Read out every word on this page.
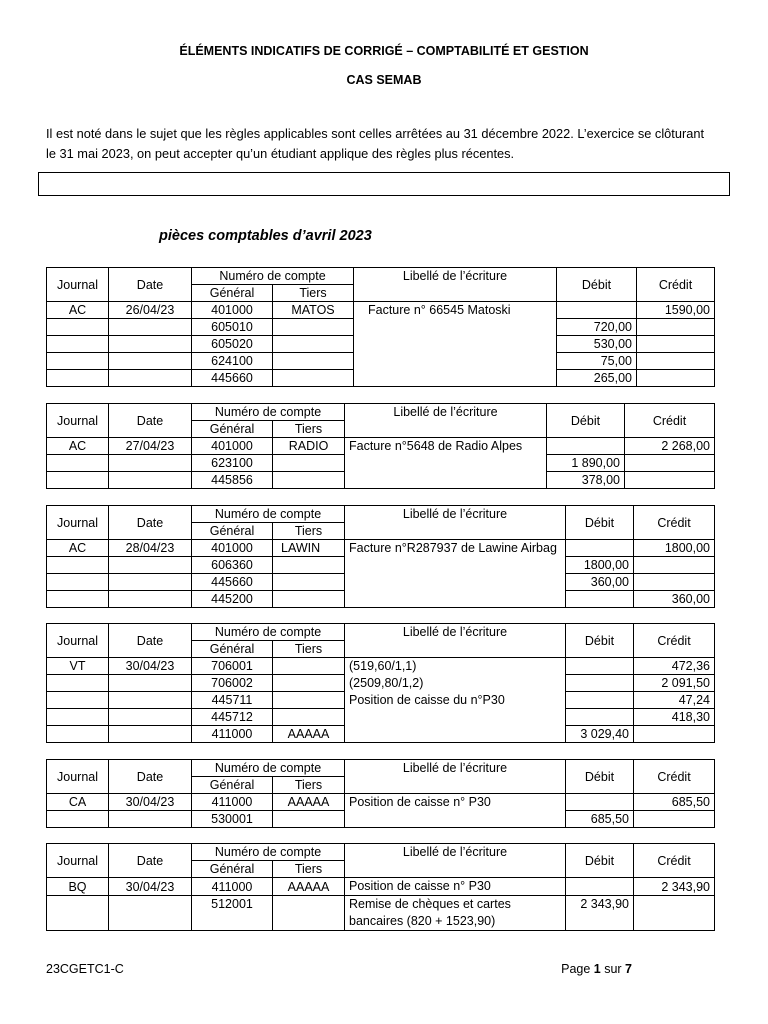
ÉLÉMENTS INDICATIFS DE CORRIGÉ – COMPTABILITÉ ET GESTION
CAS SEMAB
Il est noté dans le sujet que les règles applicables sont celles arrêtées au 31 décembre 2022. L’exercice se clôturant
le 31 mai 2023, on peut accepter qu’un étudiant applique des règles plus récentes.
pièces comptables d’avril 2023
Journal	Date	Numéro de compte		Libellé de l’écriture	Débit	Crédit
		Général	Tiers			
AC	26/04/23	401000	MATOS	Facture n° 66545 Matoski		1590,00
		605010			720,00	
		605020			530,00	
		624100			75,00	
		445660			265,00	
Journal	Date	Numéro de compte		Libellé de l’écriture	Débit	Crédit
		Général	Tiers			
AC	27/04/23	401000	RADIO	Facture n°5648 de Radio Alpes		2 268,00
		623100			1 890,00	
		445856			378,00	
Journal	Date	Numéro de compte		Libellé de l’écriture	Débit	Crédit
		Général	Tiers			
AC	28/04/23	401000	LAWIN	Facture n°R287937 de Lawine Airbag		1800,00
		606360			1800,00	
		445660			360,00	
		445200				360,00
Journal	Date	Numéro de compte		Libellé de l’écriture	Débit	Crédit
		Général	Tiers			
VT	30/04/23	706001		(519,60/1,1)
(2509,80/1,2)
Position de caisse du n°P30		472,36
		706002				2 091,50
		445711				47,24
		445712				418,30
		411000	AAAAA		3 029,40	
Journal	Date	Numéro de compte		Libellé de l’écriture	Débit	Crédit
		Général	Tiers			
CA	30/04/23	411000	AAAAA	Position de caisse n° P30		685,50
		530001			685,50	
Journal	Date	Numéro de compte		Libellé de l’écriture	Débit	Crédit
		Général	Tiers			
BQ	30/04/23	411000	AAAAA	Position de caisse n° P30		2 343,90
		512001		Remise de chèques et cartes bancaires (820 + 1523,90)	2 343,90	
23CGETC1-C	Page 1 sur 7
